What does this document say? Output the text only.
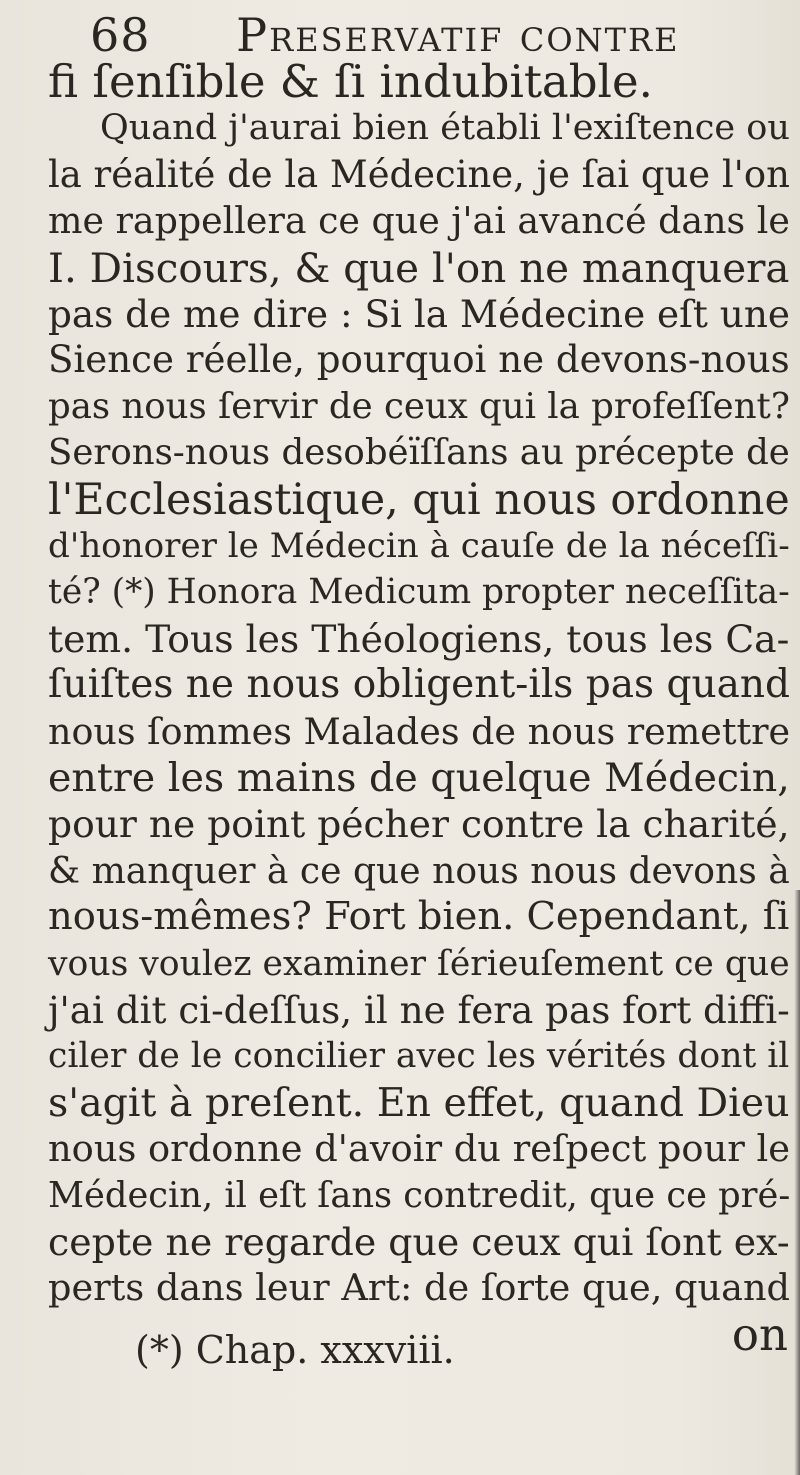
68 Preservatif contre
fi ſenſible & ſi indubitable.
Quand j'aurai bien établi l'exiſtence ou
la réalité de la Médecine, je ſai que l'on
me rappellera ce que j'ai avancé dans le
I. Discours, & que l'on ne manquera
pas de me dire : Si la Médecine eſt une
Sience réelle, pourquoi ne devons-nous
pas nous ſervir de ceux qui la profeſſent?
Serons-nous desobéïſſans au précepte de
l'Ecclesiastique, qui nous ordonne
d'honorer le Médecin à cauſe de la néceſſi-
té? (*) Honora Medicum propter neceſſita-
tem. Tous les Théologiens, tous les Ca-
ſuiſtes ne nous obligent-ils pas quand
nous ſommes Malades de nous remettre
entre les mains de quelque Médecin,
pour ne point pécher contre la charité,
& manquer à ce que nous nous devons à
nous-mêmes? Fort bien. Cependant, ſi
vous voulez examiner ſérieuſement ce que
j'ai dit ci-deſſus, il ne fera pas fort diffi-
ciler de le concilier avec les vérités dont il
s'agit à preſent. En effet, quand Dieu
nous ordonne d'avoir du reſpect pour le
Médecin, il eſt ſans contredit, que ce pré-
cepte ne regarde que ceux qui ſont ex-
perts dans leur Art: de ſorte que, quand
on
(*) Chap. xxxviii.
